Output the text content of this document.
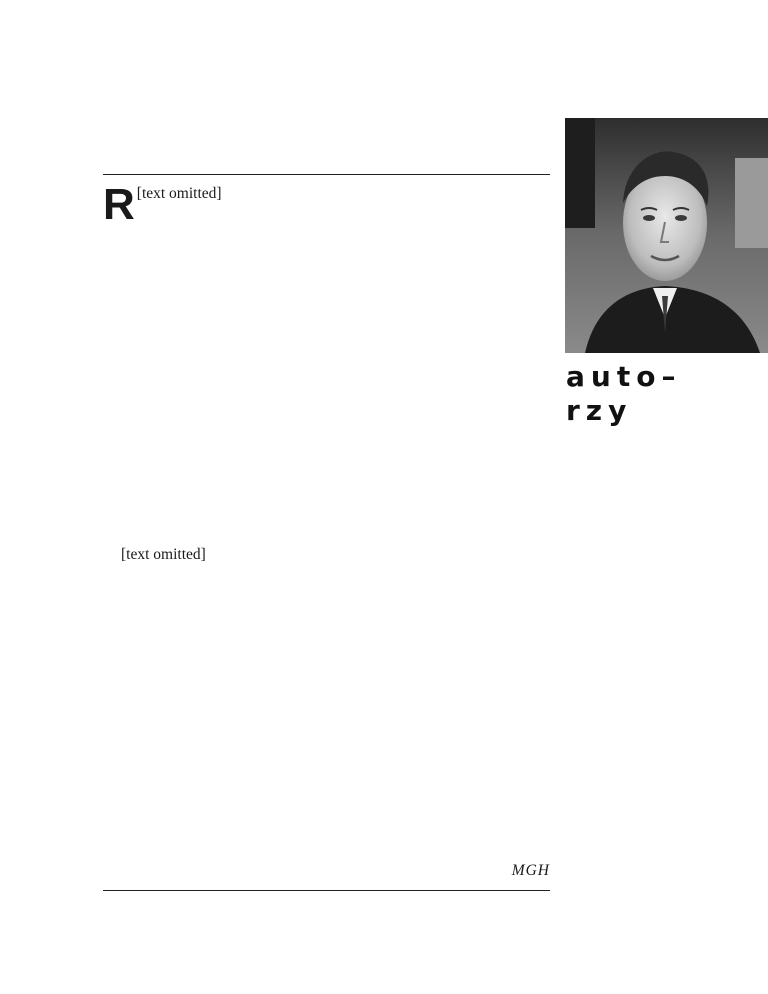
R [text omitted]

[text omitted]

MGH
auto–
rzy
